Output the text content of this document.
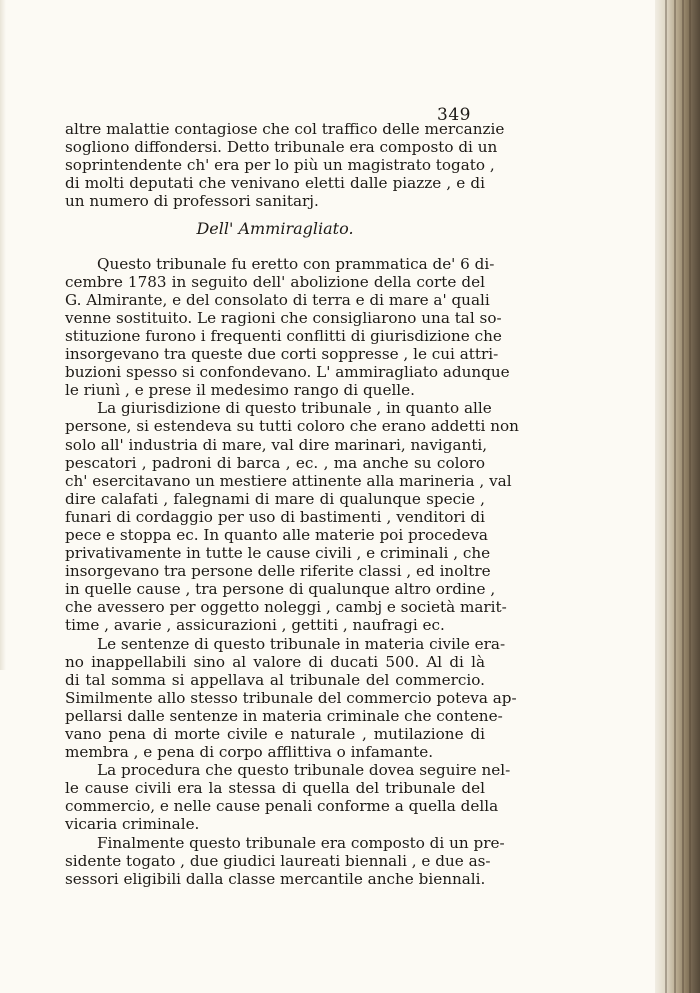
349
altre malattie contagiose che col traffico delle mercanzie
sogliono diffondersi. Detto tribunale era composto di un
soprintendente ch' era per lo più un magistrato togato ,
di molti deputati che venivano eletti dalle piazze , e di
un numero di professori sanitarj.
Dell' Ammiragliato.
Questo tribunale fu eretto con prammatica de' 6 di-
cembre 1783 in seguito dell' abolizione della corte del
G. Almirante, e del consolato di terra e di mare a' quali
venne sostituito. Le ragioni che consigliarono una tal so-
stituzione furono i frequenti conflitti di giurisdizione che
insorgevano tra queste due corti soppresse , le cui attri-
buzioni spesso si confondevano. L' ammiragliato adunque
le riunì , e prese il medesimo rango di quelle.
La giurisdizione di questo tribunale , in quanto alle
persone, si estendeva su tutti coloro che erano addetti non
solo all' industria di mare, val dire marinari, naviganti,
pescatori , padroni di barca , ec. , ma anche su coloro
ch' esercitavano un mestiere attinente alla marineria , val
dire calafati , falegnami di mare di qualunque specie ,
funari di cordaggio per uso di bastimenti , venditori di
pece e stoppa ec. In quanto alle materie poi procedeva
privativamente in tutte le cause civili , e criminali , che
insorgevano tra persone delle riferite classi , ed inoltre
in quelle cause , tra persone di qualunque altro ordine ,
che avessero per oggetto noleggi , cambj e società marit-
time , avarie , assicurazioni , gettiti , naufragi ec.
Le sentenze di questo tribunale in materia civile era-
no inappellabili sino al valore di ducati 500. Al di là
di tal somma si appellava al tribunale del commercio.
Similmente allo stesso tribunale del commercio poteva ap-
pellarsi dalle sentenze in materia criminale che contene-
vano pena di morte civile e naturale , mutilazione di
membra , e pena di corpo afflittiva o infamante.
La procedura che questo tribunale dovea seguire nel-
le cause civili era la stessa di quella del tribunale del
commercio, e nelle cause penali conforme a quella della
vicaria criminale.
Finalmente questo tribunale era composto di un pre-
sidente togato , due giudici laureati biennali , e due as-
sessori eligibili dalla classe mercantile anche biennali.
